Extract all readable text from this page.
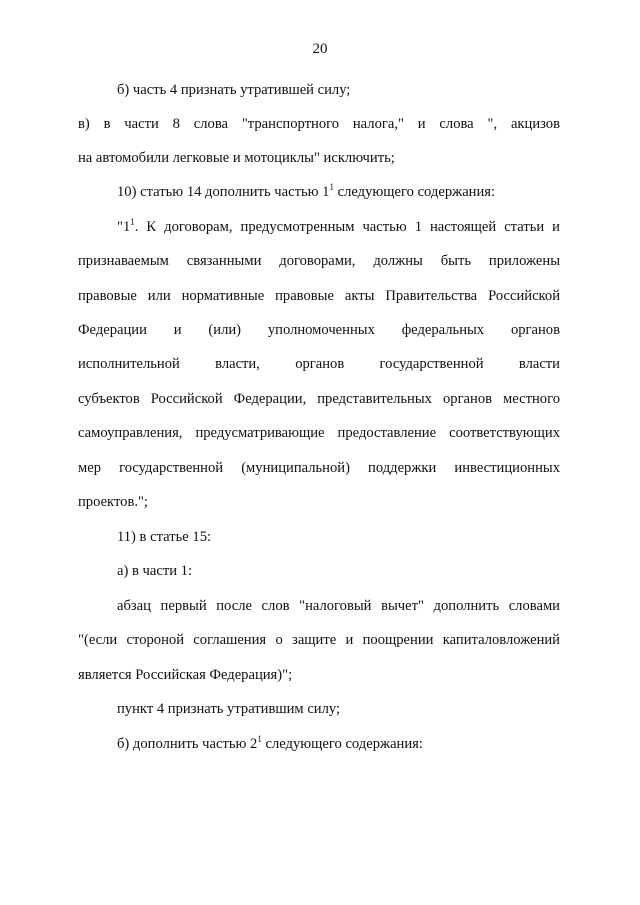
20
б) часть 4 признать утратившей силу;
в) в части 8 слова "транспортного налога," и слова ", акцизов
на автомобили легковые и мотоциклы" исключить;
10) статью 14 дополнить частью $1^1$ следующего содержания:
"$1^1$. К договорам, предусмотренным частью 1 настоящей статьи и
признаваемым связанными договорами, должны быть приложены
правовые или нормативные правовые акты Правительства Российской
Федерации и (или) уполномоченных федеральных органов
исполнительной власти, органов государственной власти
субъектов Российской Федерации, представительных органов местного
самоуправления, предусматривающие предоставление соответствующих
мер государственной (муниципальной) поддержки инвестиционных
проектов.";
11) в статье 15:
а) в части 1:
абзац первый после слов "налоговый вычет" дополнить словами
"(если стороной соглашения о защите и поощрении капиталовложений
является Российская Федерация)";
пункт 4 признать утратившим силу;
б) дополнить частью $2^1$ следующего содержания:
